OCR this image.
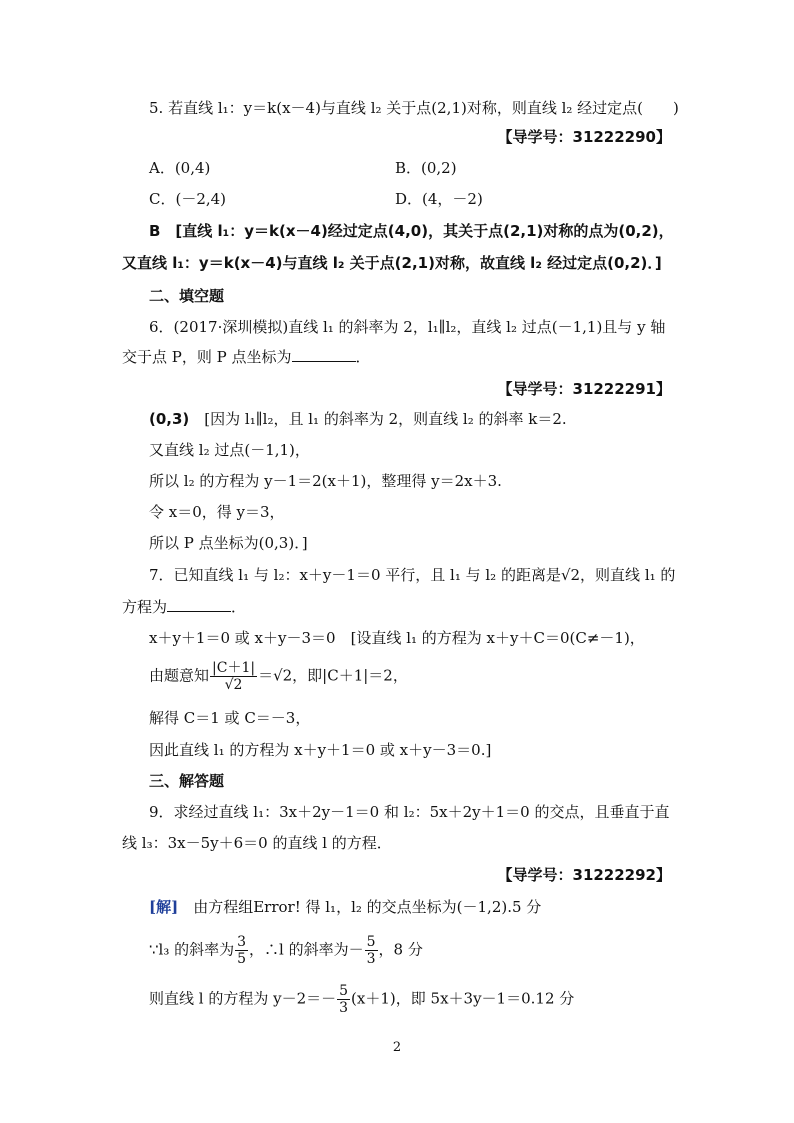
5. 若直线 l₁：y＝k(x－4)与直线 l₂ 关于点(2,1)对称，则直线 l₂ 经过定点(　　)
【导学号：31222290】
A．(0,4)	B．(0,2)
C．(－2,4)	D．(4，－2)
B　[直线 l₁：y＝k(x－4)经过定点(4,0)，其关于点(2,1)对称的点为(0,2)，
又直线 l₁：y＝k(x－4)与直线 l₂ 关于点(2,1)对称，故直线 l₂ 经过定点(0,2)．]
二、填空题
6．(2017·深圳模拟)直线 l₁ 的斜率为 2，l₁∥l₂，直线 l₂ 过点(－1,1)且与 y 轴
交于点 P，则 P 点坐标为	．
【导学号：31222291】
(0,3)　[因为 l₁∥l₂，且 l₁ 的斜率为 2，则直线 l₂ 的斜率 k＝2.
又直线 l₂ 过点(－1,1)，
所以 l₂ 的方程为 y－1＝2(x＋1)，整理得 y＝2x＋3.
令 x＝0，得 y＝3，
所以 P 点坐标为(0,3)．]
7．已知直线 l₁ 与 l₂：x＋y－1＝0 平行，且 l₁ 与 l₂ 的距离是√2，则直线 l₁ 的
方程为	．
x＋y＋1＝0 或 x＋y－3＝0　[设直线 l₁ 的方程为 x＋y＋C＝0(C≠－1)，
由题意知 $\frac{|C+1|}{√2} =√2$，即|C＋1|＝2，
解得 C＝1 或 C＝－3，
因此直线 l₁ 的方程为 x＋y＋1＝0 或 x＋y－3＝0.]
三、解答题
9．求经过直线 l₁：3x＋2y－1＝0 和 l₂：5x＋2y＋1＝0 的交点，且垂直于直
线 l₃：3x－5y＋6＝0 的直线 l 的方程．
【导学号：31222292】
[解]　由方程组Error! 得 l₁，l₂ 的交点坐标为(－1,2).5 分
∵l₃ 的斜率为 $\frac{3}{5}$ ，∴l 的斜率为－ $\frac{5}{3}$ ，8 分
则直线 l 的方程为 $y-2=- \frac{5}{3} (x+1)$，即 5x＋3y－1＝0.12 分
2
